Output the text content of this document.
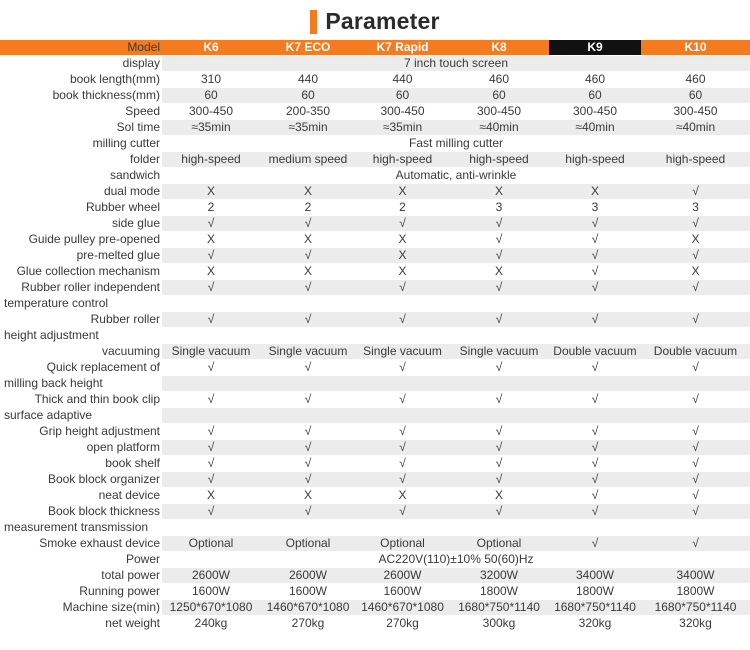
Parameter
Model	K6	K7 ECO	K7 Rapid	K8	K9	K10
display	7 inch touch screen					
book length(mm)	310	440	440	460	460	460
book thickness(mm)	60	60	60	60	60	60
Speed	300-450	200-350	300-450	300-450	300-450	300-450
Sol time	≈35min	≈35min	≈35min	≈40min	≈40min	≈40min
milling cutter	Fast milling cutter					
folder	high-speed	medium speed	high-speed	high-speed	high-speed	high-speed
sandwich	Automatic, anti-wrinkle					
dual mode	X	X	X	X	X	√
Rubber wheel	2	2	2	3	3	3
side glue	√	√	√	√	√	√
Guide pulley pre-opened	X	X	X	√	√	X
pre-melted glue	√	√	X	√	√	√
Glue collection mechanism	X	X	X	X	√	X
Rubber roller independent	√	√	√	√	√	√
temperature control						
Rubber roller	√	√	√	√	√	√
height adjustment						
vacuuming	Single vacuum	Single vacuum	Single vacuum	Single vacuum	Double vacuum	Double vacuum
Quick replacement of	√	√	√	√	√	√
milling back height						
Thick and thin book clip	√	√	√	√	√	√
surface adaptive						
Grip height adjustment	√	√	√	√	√	√
open platform	√	√	√	√	√	√
book shelf	√	√	√	√	√	√
Book block organizer	√	√	√	√	√	√
neat device	X	X	X	X	√	√
Book block thickness	√	√	√	√	√	√
measurement transmission						
Smoke exhaust device	Optional	Optional	Optional	Optional	√	√
Power	AC220V(110)±10% 50(60)Hz					
total power	2600W	2600W	2600W	3200W	3400W	3400W
Running power	1600W	1600W	1600W	1800W	1800W	1800W
Machine size(min)	1250*670*1080	1460*670*1080	1460*670*1080	1680*750*1140	1680*750*1140	1680*750*1140
net weight	240kg	270kg	270kg	300kg	320kg	320kg
